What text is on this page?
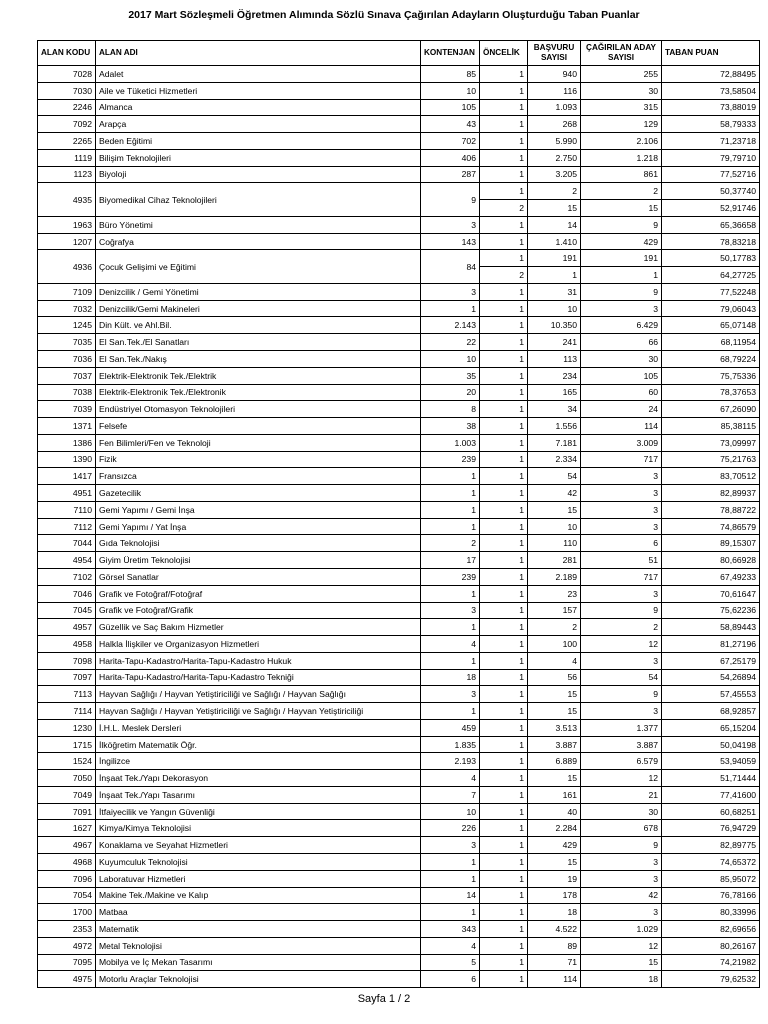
2017 Mart Sözleşmeli Öğretmen Alımında Sözlü Sınava Çağırılan Adayların Oluşturduğu Taban Puanlar
ALAN KODU	ALAN ADI	KONTENJAN	ÖNCELİK	BAŞVURU SAYISI	ÇAĞIRILAN ADAY SAYISI	TABAN PUAN
7028	Adalet	85	1	940	255	72,88495
7030	Aile ve Tüketici Hizmetleri	10	1	116	30	73,58504
2246	Almanca	105	1	1.093	315	73,88019
7092	Arapça	43	1	268	129	58,79333
2265	Beden Eğitimi	702	1	5.990	2.106	71,23718
1119	Bilişim Teknolojileri	406	1	2.750	1.218	79,79710
1123	Biyoloji	287	1	3.205	861	77,52716
4935	Biyomedikal Cihaz Teknolojileri	9	1	2	2	50,37740
			2	15	15	52,91746
1963	Büro Yönetimi	3	1	14	9	65,36658
1207	Coğrafya	143	1	1.410	429	78,83218
4936	Çocuk Gelişimi ve Eğitimi	84	1	191	191	50,17783
			2	1	1	64,27725
7109	Denizcilik / Gemi Yönetimi	3	1	31	9	77,52248
7032	Denizcilik/Gemi Makineleri	1	1	10	3	79,06043
1245	Din Kült. ve Ahl.Bil.	2.143	1	10.350	6.429	65,07148
7035	El San.Tek./El Sanatları	22	1	241	66	68,11954
7036	El San.Tek./Nakış	10	1	113	30	68,79224
7037	Elektrik-Elektronik Tek./Elektrik	35	1	234	105	75,75336
7038	Elektrik-Elektronik Tek./Elektronik	20	1	165	60	78,37653
7039	Endüstriyel Otomasyon Teknolojileri	8	1	34	24	67,26090
1371	Felsefe	38	1	1.556	114	85,38115
1386	Fen Bilimleri/Fen ve Teknoloji	1.003	1	7.181	3.009	73,09997
1390	Fizik	239	1	2.334	717	75,21763
1417	Fransızca	1	1	54	3	83,70512
4951	Gazetecilik	1	1	42	3	82,89937
7110	Gemi Yapımı / Gemi İnşa	1	1	15	3	78,88722
7112	Gemi Yapımı / Yat İnşa	1	1	10	3	74,86579
7044	Gıda Teknolojisi	2	1	110	6	89,15307
4954	Giyim Üretim Teknolojisi	17	1	281	51	80,66928
7102	Görsel Sanatlar	239	1	2.189	717	67,49233
7046	Grafik ve Fotoğraf/Fotoğraf	1	1	23	3	70,61647
7045	Grafik ve Fotoğraf/Grafik	3	1	157	9	75,62236
4957	Güzellik ve Saç Bakım Hizmetler	1	1	2	2	58,89443
4958	Halkla İlişkiler ve Organizasyon Hizmetleri	4	1	100	12	81,27196
7098	Harita-Tapu-Kadastro/Harita-Tapu-Kadastro Hukuk	1	1	4	3	67,25179
7097	Harita-Tapu-Kadastro/Harita-Tapu-Kadastro Tekniği	18	1	56	54	54,26894
7113	Hayvan Sağlığı / Hayvan Yetiştiriciliği ve Sağlığı / Hayvan Sağlığı	3	1	15	9	57,45553
7114	Hayvan Sağlığı / Hayvan Yetiştiriciliği ve Sağlığı / Hayvan Yetiştiriciliği	1	1	15	3	68,92857
1230	İ.H.L. Meslek Dersleri	459	1	3.513	1.377	65,15204
1715	İlköğretim Matematik Öğr.	1.835	1	3.887	3.887	50,04198
1524	İngilizce	2.193	1	6.889	6.579	53,94059
7050	İnşaat Tek./Yapı Dekorasyon	4	1	15	12	51,71444
7049	İnşaat Tek./Yapı Tasarımı	7	1	161	21	77,41600
7091	İtfaiyecilik ve Yangın Güvenliği	10	1	40	30	60,68251
1627	Kimya/Kimya Teknolojisi	226	1	2.284	678	76,94729
4967	Konaklama ve Seyahat Hizmetleri	3	1	429	9	82,89775
4968	Kuyumculuk Teknolojisi	1	1	15	3	74,65372
7096	Laboratuvar Hizmetleri	1	1	19	3	85,95072
7054	Makine Tek./Makine ve Kalıp	14	1	178	42	76,78166
1700	Matbaa	1	1	18	3	80,33996
2353	Matematik	343	1	4.522	1.029	82,69656
4972	Metal Teknolojisi	4	1	89	12	80,26167
7095	Mobilya ve İç Mekan Tasarımı	5	1	71	15	74,21982
4975	Motorlu Araçlar Teknolojisi	6	1	114	18	79,62532
Sayfa 1 / 2
